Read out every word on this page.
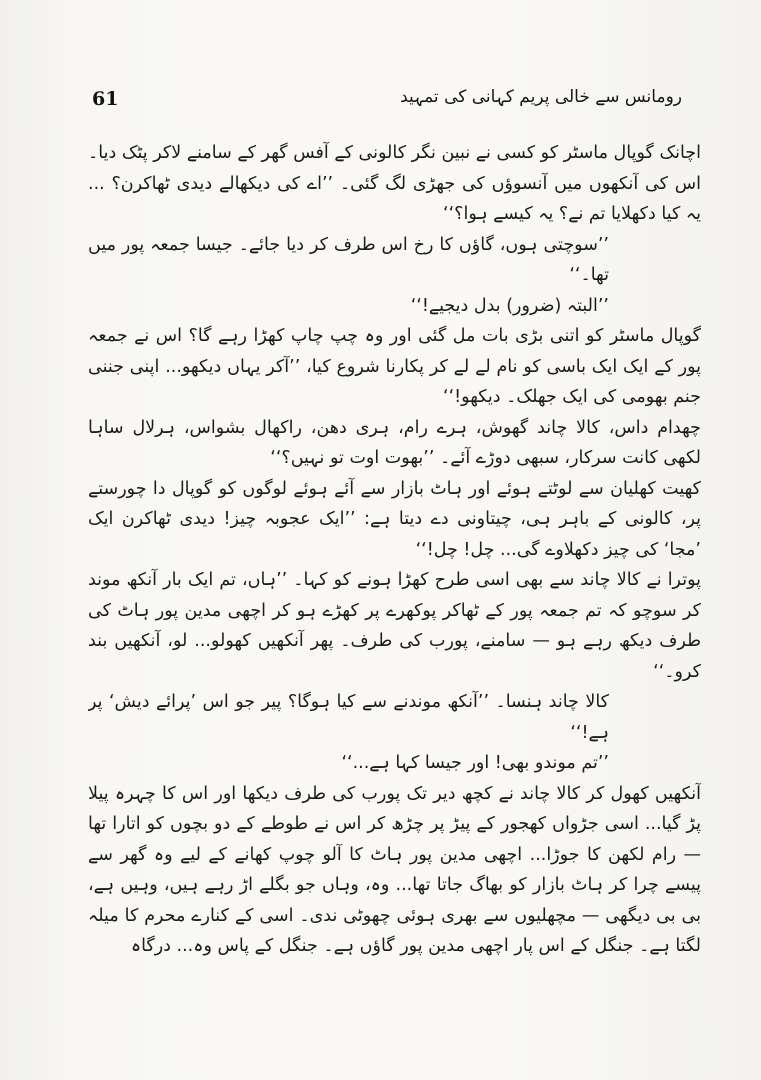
61	رومانس سے خالی پریم کہانی کی تمہید

اچانک گوپال ماسٹر کو کسی نے نبین نگر کالونی کے آفس گھر کے سامنے لاکر پٹک دیا۔ اس کی آنکھوں میں آنسوؤں کی جھڑی لگ گئی۔ ’’اے کی دیکھالے دیدی ٹھاکرن؟ ... یہ کیا دکھلایا تم نے؟ یہ کیسے ہوا؟‘‘

’’سوچتی ہوں، گاؤں کا رخ اس طرف کر دیا جائے۔ جیسا جمعہ پور میں تھا۔‘‘

’’البتہ (ضرور) بدل دیجیے!‘‘

گوپال ماسٹر کو اتنی بڑی بات مل گئی اور وہ چپ چاپ کھڑا رہے گا؟ اس نے جمعہ پور کے ایک ایک باسی کو نام لے لے کر پکارنا شروع کیا، ’’آکر یہاں دیکھو... اپنی جننی جنم بھومی کی ایک جھلک۔ دیکھو!‘‘

چھدام داس، کالا چاند گھوش، ہرے رام، ہری دھن، راکھال بشواس، ہرلال ساہا لکھی کانت سرکار، سبھی دوڑے آئے۔ ’’بھوت اوت تو نہیں؟‘‘

کھیت کھلیان سے لوٹتے ہوئے اور ہاٹ بازار سے آئے ہوئے لوگوں کو گوپال دا چورستے پر، کالونی کے باہر ہی، چیتاونی دے دیتا ہے: ’’ایک عجوبہ چیز! دیدی ٹھاکرن ایک ’مجا‘ کی چیز دکھلاوے گی... چل! چل!‘‘

پوترا نے کالا چاند سے بھی اسی طرح کھڑا ہونے کو کہا۔ ’’ہاں، تم ایک بار آنکھ موند کر سوچو کہ تم جمعہ پور کے ٹھاکر پوکھرے پر کھڑے ہو کر اچھی مدین پور ہاٹ کی طرف دیکھ رہے ہو — سامنے، پورب کی طرف۔ پھر آنکھیں کھولو... لو، آنکھیں بند کرو۔‘‘

کالا چاند ہنسا۔ ’’آنکھ موندنے سے کیا ہوگا؟ پیر جو اس ’پرائے دیش‘ پر ہے!‘‘

’’تم موندو بھی! اور جیسا کہا ہے...‘‘

آنکھیں کھول کر کالا چاند نے کچھ دیر تک پورب کی طرف دیکھا اور اس کا چہرہ پیلا پڑ گیا... اسی جڑواں کھجور کے پیڑ پر چڑھ کر اس نے طوطے کے دو بچوں کو اتارا تھا — رام لکھن کا جوڑا... اچھی مدین پور ہاٹ کا آلو چوپ کھانے کے لیے وہ گھر سے پیسے چرا کر ہاٹ بازار کو بھاگ جاتا تھا... وہ، وہاں جو بگلے اڑ رہے ہیں، وہیں ہے، بی بی دیگھی — مچھلیوں سے بھری ہوئی چھوٹی ندی۔ اسی کے کنارے محرم کا میلہ لگتا ہے۔ جنگل کے اس پار اچھی مدین پور گاؤں ہے۔ جنگل کے پاس وہ... درگاہ
